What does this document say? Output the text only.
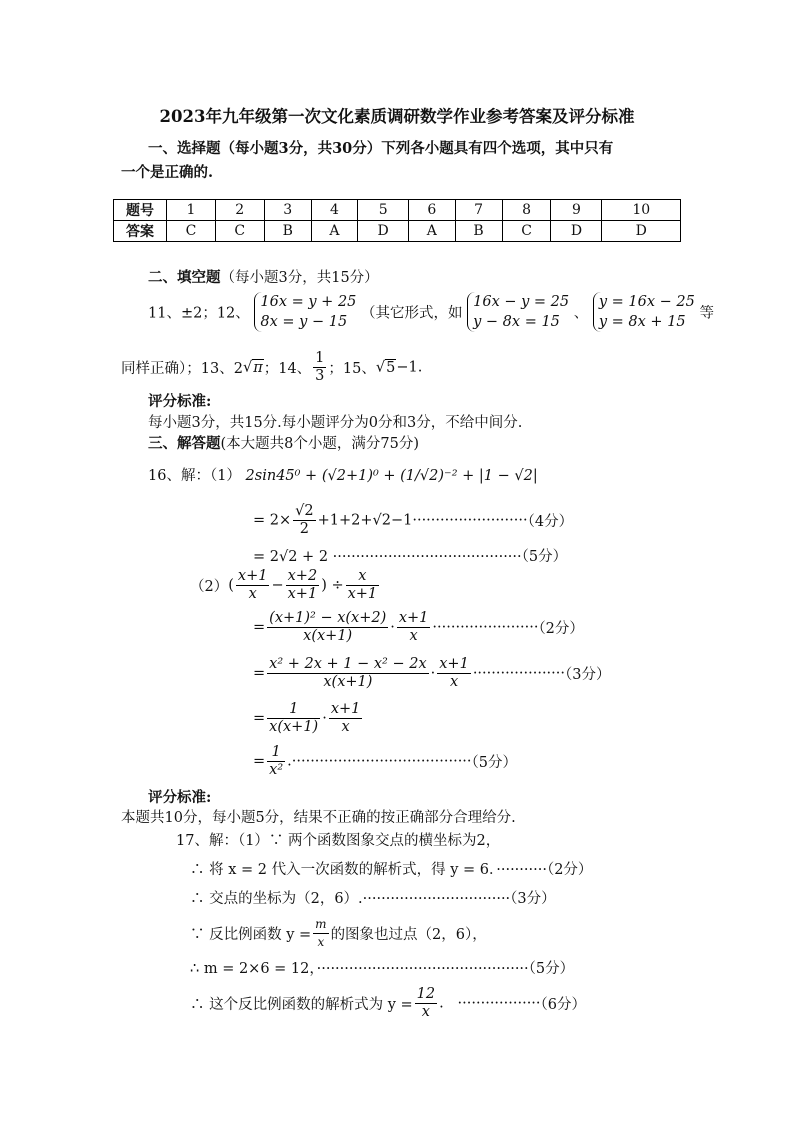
2023年九年级第一次文化素质调研数学作业参考答案及评分标准
一、选择题（每小题3分，共30分）下列各小题具有四个选项，其中只有
一个是正确的.
题号	1	2	3	4	5	6	7	8	9	10
答案	C	C	B	A	D	A	B	C	D	D
二、填空题（每小题3分，共15分）
11、±2；12、
16x = y + 25
8x = y − 15
（其它形式，如
16x − y = 25
y − 8x = 15
、
y = 16x − 25
y = 8x + 15
等
同样正确）；13、2√π；14、 $\frac{1}{3}$ ；15、√5−1.
评分标准:
每小题3分，共15分.每小题评分为0分和3分，不给中间分.
三、解答题(本大题共8个小题，满分75分)
16、解：（1） 2sin45⁰ + (√2+1)⁰ + (1/√2)⁻² + |1 − √2|
= $2\times \frac{√2}{2} +1+2+√2-1\cdot\cdot\cdot\cdot\cdot\cdot\cdot\cdot\cdot\cdot\cdot\cdot\cdot\cdot\cdot\cdot\cdot\cdot\cdot\cdot\cdot\cdot\cdot\cdot\cdot(4$分）
= 2√2 + 2 ·········································（5分）
$(2)( \frac{x+1}{x} - \frac{x+2}{x+1}$ ) ÷ $\frac{x}{x+1}$
= $\frac{\text{(x+1)² − x(x+2)}}{x(x+1)} \cdot \frac{x+1}{x} \cdot\cdot\cdot\cdot\cdot\cdot\cdot\cdot\cdot\cdot\cdot\cdot\cdot\cdot\cdot\cdot\cdot\cdot\cdot\cdot\cdot\cdot\cdot(2$分）
= $\frac{\text{x² + 2x + 1 − x² − 2x}}{x(x+1)} \cdot \frac{x+1}{x} \cdot\cdot\cdot\cdot\cdot\cdot\cdot\cdot\cdot\cdot\cdot\cdot\cdot\cdot\cdot\cdot\cdot\cdot\cdot\cdot(3$分）
= $\frac{1}{x(x+1)} \cdot \frac{x+1}{x}$
= $\frac{1}{\text{x²}} .\cdot\cdot\cdot\cdot\cdot\cdot\cdot\cdot\cdot\cdot\cdot\cdot\cdot\cdot\cdot\cdot\cdot\cdot\cdot\cdot\cdot\cdot\cdot\cdot\cdot\cdot\cdot\cdot\cdot\cdot\cdot\cdot\cdot\cdot\cdot\cdot\cdot\cdot\cdot(5$分）
评分标准:
本题共10分，每小题5分，结果不正确的按正确部分合理给分.
17、解：（1）∵ 两个函数图象交点的横坐标为2，
∴ 将 x = 2 代入一次函数的解析式，得 y = 6．···········（2分）
∴ 交点的坐标为（2，6）.································（3分）
∵ 反比例函数 $y = \frac{m}{x}$ 的图象也过点（2，6），
∴ m = 2×6 = 12，··············································（5分）
∴ 这个反比例函数的解析式为 $y = \frac{12}{x}$ .   ··················（6分）
